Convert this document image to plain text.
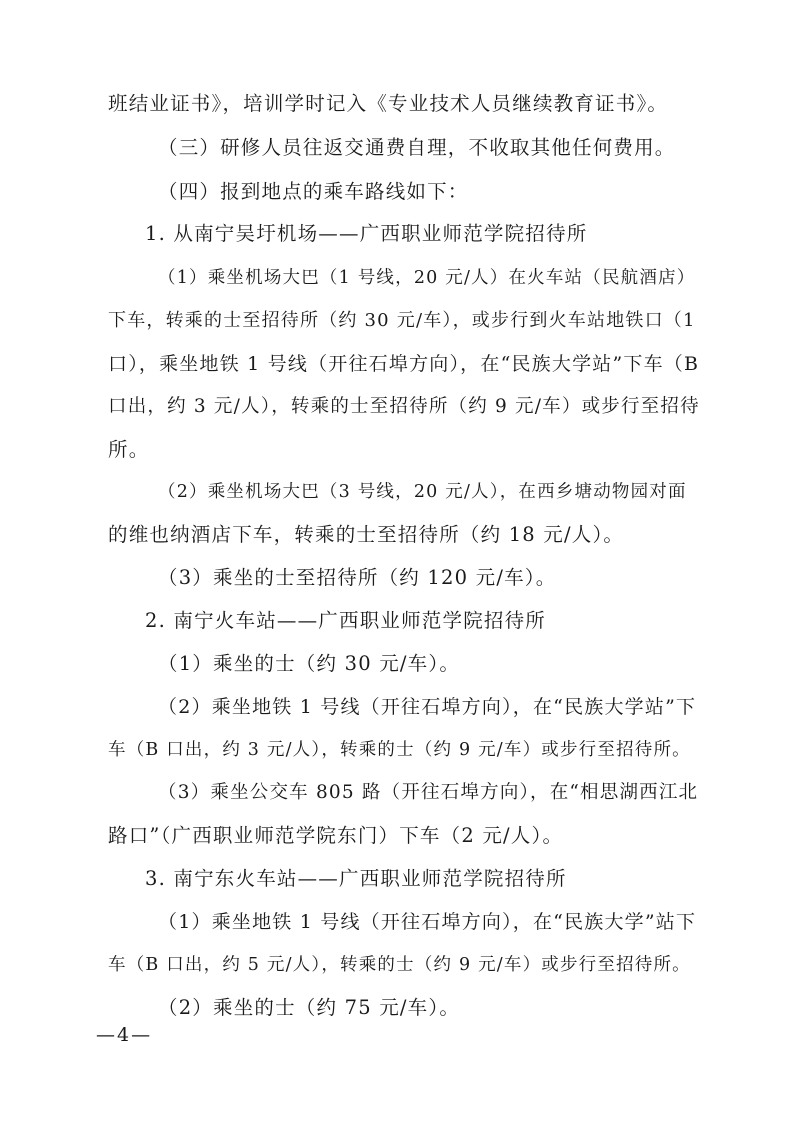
班结业证书》，培训学时记入《专业技术人员继续教育证书》。
（三）研修人员往返交通费自理，不收取其他任何费用。
（四）报到地点的乘车路线如下：
1. 从南宁吴圩机场——广西职业师范学院招待所
（1）乘坐机场大巴（1 号线，20 元/人）在火车站（民航酒店）
下车，转乘的士至招待所（约 30 元/车），或步行到火车站地铁口（1
口），乘坐地铁 1 号线（开往石埠方向），在“民族大学站”下车（B
口出，约 3 元/人），转乘的士至招待所（约 9 元/车）或步行至招待
所。
（2）乘坐机场大巴（3 号线，20 元/人），在西乡塘动物园对面
的维也纳酒店下车，转乘的士至招待所（约 18 元/人）。
（3）乘坐的士至招待所（约 120 元/车）。
2. 南宁火车站——广西职业师范学院招待所
（1）乘坐的士（约 30 元/车）。
（2）乘坐地铁 1 号线（开往石埠方向），在“民族大学站”下
车（B 口出，约 3 元/人），转乘的士（约 9 元/车）或步行至招待所。
（3）乘坐公交车 805 路（开往石埠方向），在“相思湖西江北
路口”（广西职业师范学院东门）下车（2 元/人）。
3. 南宁东火车站——广西职业师范学院招待所
（1）乘坐地铁 1 号线（开往石埠方向），在“民族大学”站下
车（B 口出，约 5 元/人），转乘的士（约 9 元/车）或步行至招待所。
（2）乘坐的士（约 75 元/车）。
—4—
